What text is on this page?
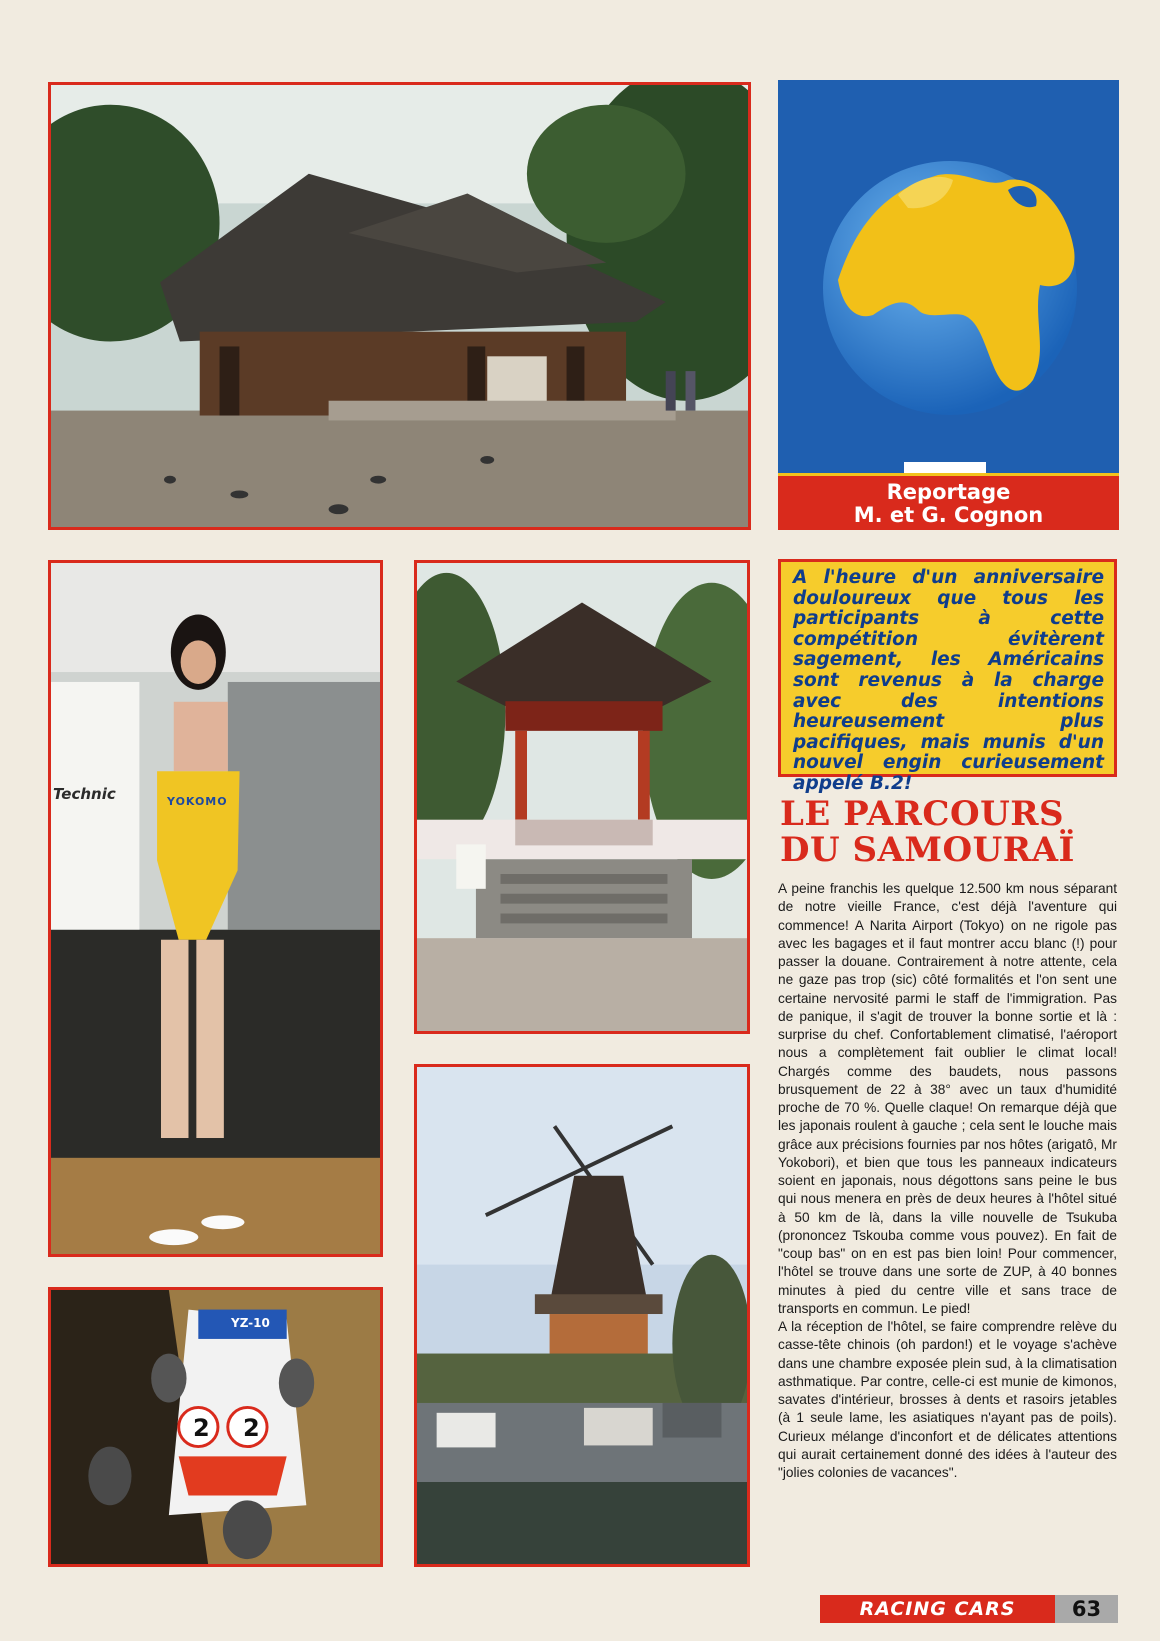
Reportage
M. et G. Cognon
Technic	YOKOMO
YZ-10
2 2
A l'heure d'un anniversaire douloureux que tous les participants à cette compétition évitèrent sagement, les Américains sont revenus à la charge avec des intentions heureusement plus pacifiques, mais munis d'un nouvel engin curieusement appelé B.2!
LE PARCOURS
DU SAMOURAÏ

A peine franchis les quelque 12.500 km nous séparant de notre vieille France, c'est déjà l'aventure qui commence! A Narita Airport (Tokyo) on ne rigole pas avec les bagages et il faut montrer accu blanc (!) pour passer la douane. Contrairement à notre attente, cela ne gaze pas trop (sic) côté formalités et l'on sent une certaine nervosité parmi le staff de l'immigration. Pas de panique, il s'agit de trouver la bonne sortie et là : surprise du chef. Confortablement climatisé, l'aéroport nous a complètement fait oublier le climat local! Chargés comme des baudets, nous passons brusquement de 22 à 38° avec un taux d'humidité proche de 70 %. Quelle claque! On remarque déjà que les japonais roulent à gauche ; cela sent le louche mais grâce aux précisions fournies par nos hôtes (arigatô, Mr Yokobori), et bien que tous les panneaux indicateurs soient en japonais, nous dégottons sans peine le bus qui nous menera en près de deux heures à l'hôtel situé à 50 km de là, dans la ville nouvelle de Tsukuba (prononcez Tskouba comme vous pouvez). En fait de "coup bas" on en est pas bien loin! Pour commencer, l'hôtel se trouve dans une sorte de ZUP, à 40 bonnes minutes à pied du centre ville et sans trace de transports en commun. Le pied!

A la réception de l'hôtel, se faire comprendre relève du casse-tête chinois (oh pardon!) et le voyage s'achève dans une chambre exposée plein sud, à la climatisation asthmatique. Par contre, celle-ci est munie de kimonos, savates d'intérieur, brosses à dents et rasoirs jetables (à 1 seule lame, les asiatiques n'ayant pas de poils). Curieux mélange d'inconfort et de délicates attentions qui aurait certainement donné des idées à l'auteur des "jolies colonies de vacances".

RACING CARS	63
